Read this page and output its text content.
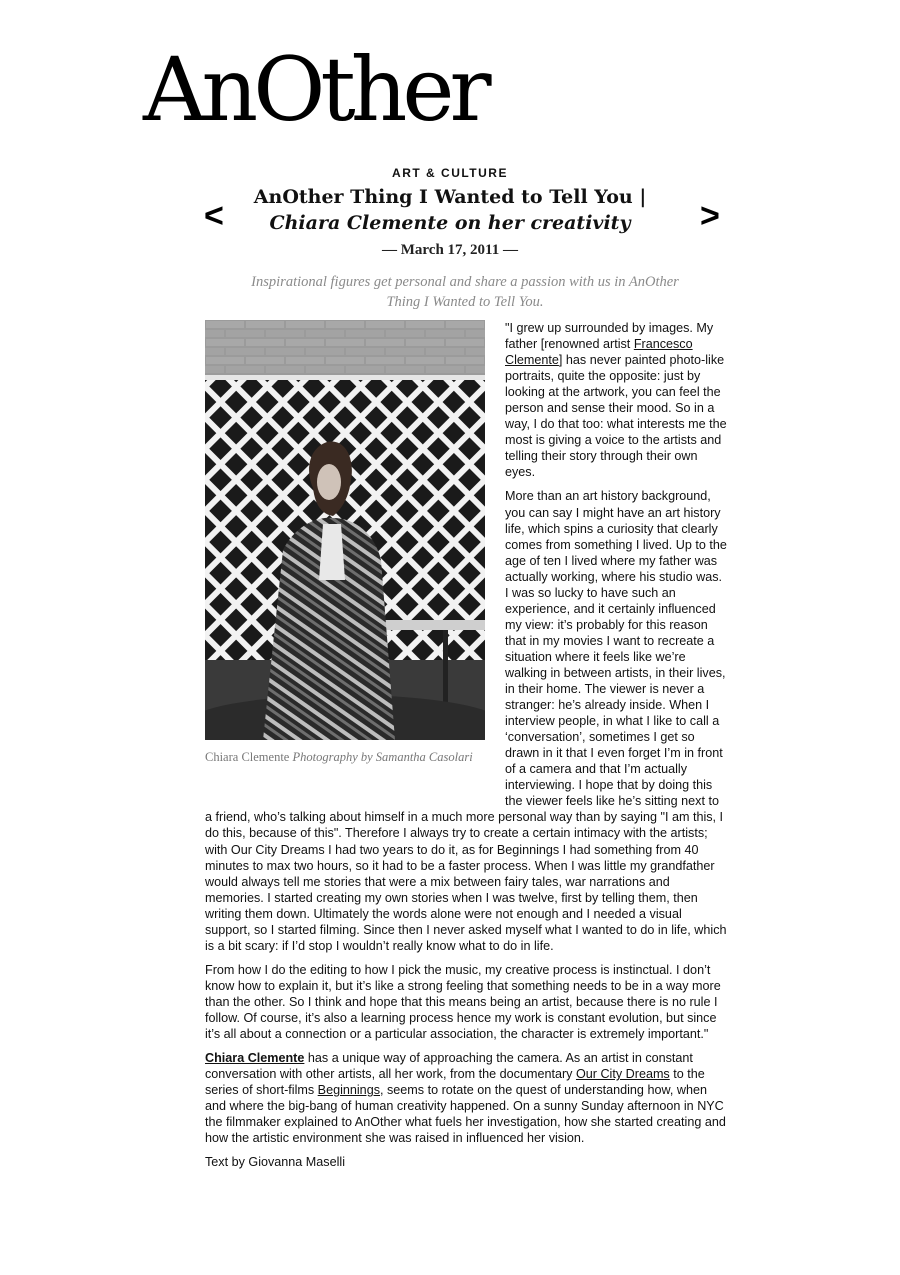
AnOther
ART & CULTURE
<	>
AnOther Thing I Wanted to Tell You |
Chiara Clemente on her creativity
— March 17, 2011 —

Inspirational figures get personal and share a passion with us in AnOther Thing I Wanted to Tell You.

Chiara Clemente Photography by Samantha Casolari

"I grew up surrounded by images. My father [renowned artist Francesco Clemente] has never painted photo-like portraits, quite the opposite: just by looking at the artwork, you can feel the person and sense their mood. So in a way, I do that too: what interests me the most is giving a voice to the artists and telling their story through their own eyes.

More than an art history background, you can say I might have an art history life, which spins a curiosity that clearly comes from something I lived. Up to the age of ten I lived where my father was actually working, where his studio was. I was so lucky to have such an experience, and it certainly influenced my view: it’s probably for this reason that in my movies I want to recreate a situation where it feels like we’re walking in between artists, in their lives, in their home. The viewer is never a stranger: he’s already inside. When I interview people, in what I like to call a ‘conversation’, sometimes I get so drawn in it that I even forget I’m in front of a camera and that I’m actually interviewing. I hope that by doing this the viewer feels like he’s sitting next to a friend, who’s talking about himself in a much more personal way than by saying "I am this, I do this, because of this". Therefore I always try to create a certain intimacy with the artists; with Our City Dreams I had two years to do it, as for Beginnings I had something from 40 minutes to max two hours, so it had to be a faster process. When I was little my grandfather would always tell me stories that were a mix between fairy tales, war narrations and memories. I started creating my own stories when I was twelve, first by telling them, then writing them down. Ultimately the words alone were not enough and I needed a visual support, so I started filming. Since then I never asked myself what I wanted to do in life, which is a bit scary: if I’d stop I wouldn’t really know what to do in life.

From how I do the editing to how I pick the music, my creative process is instinctual. I don’t know how to explain it, but it’s like a strong feeling that something needs to be in a way more than the other. So I think and hope that this means being an artist, because there is no rule I follow. Of course, it’s also a learning process hence my work is constant evolution, but since it’s all about a connection or a particular association, the character is extremely important."

Chiara Clemente has a unique way of approaching the camera. As an artist in constant conversation with other artists, all her work, from the documentary Our City Dreams to the series of short-films Beginnings, seems to rotate on the quest of understanding how, when and where the big-bang of human creativity happened. On a sunny Sunday afternoon in NYC the filmmaker explained to AnOther what fuels her investigation, how she started creating and how the artistic environment she was raised in influenced her vision.

Text by Giovanna Maselli
